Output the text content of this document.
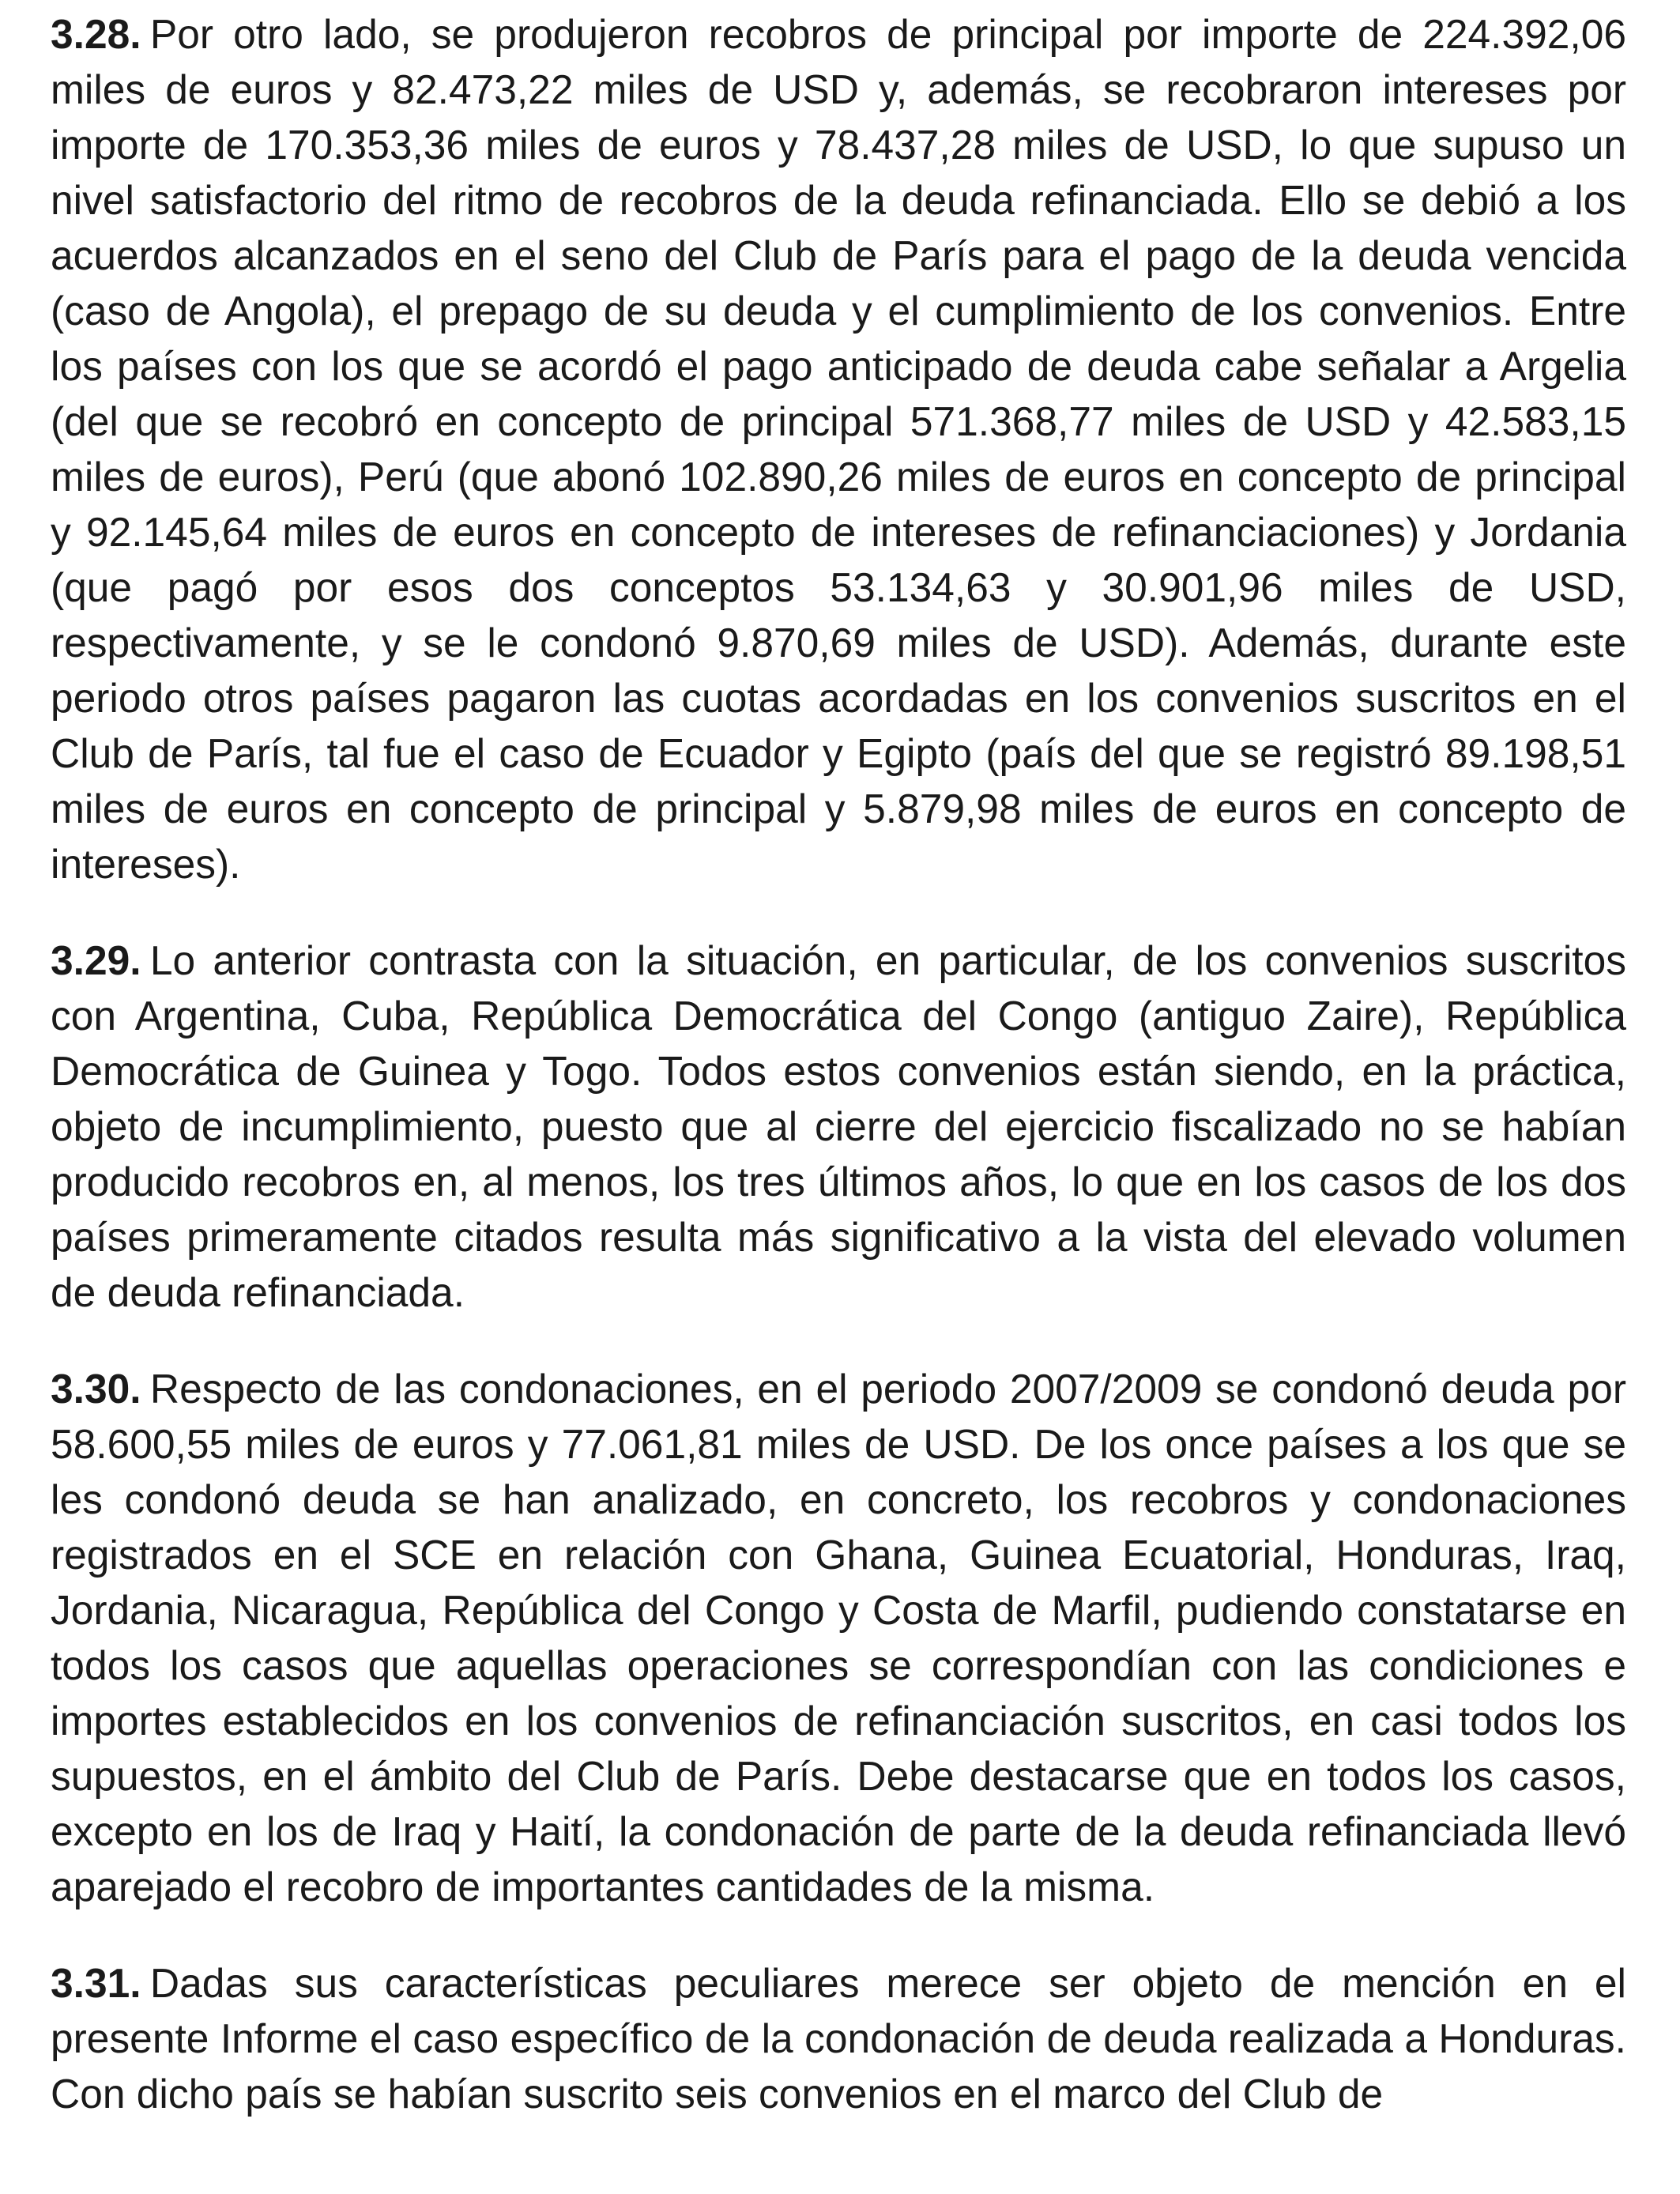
3.28. Por otro lado, se produjeron recobros de principal por importe de 224.392,06 miles de euros y 82.473,22 miles de USD y, además, se recobraron intereses por importe de 170.353,36 miles de euros y 78.437,28 miles de USD, lo que supuso un nivel satisfactorio del ritmo de recobros de la deuda refinanciada. Ello se debió a los acuerdos alcanzados en el seno del Club de París para el pago de la deuda vencida (caso de Angola), el prepago de su deuda y el cumplimiento de los convenios. Entre los países con los que se acordó el pago anticipado de deuda cabe señalar a Argelia (del que se recobró en concepto de principal 571.368,77 miles de USD y 42.583,15 miles de euros), Perú (que abonó 102.890,26 miles de euros en concepto de principal y 92.145,64 miles de euros en concepto de intereses de refinanciaciones) y Jordania (que pagó por esos dos conceptos 53.134,63 y 30.901,96 miles de USD, respectivamente, y se le condonó 9.870,69 miles de USD). Además, durante este periodo otros países pagaron las cuotas acordadas en los convenios suscritos en el Club de París, tal fue el caso de Ecuador y Egipto (país del que se registró 89.198,51 miles de euros en concepto de principal y 5.879,98 miles de euros en concepto de intereses).

3.29. Lo anterior contrasta con la situación, en particular, de los convenios suscritos con Argentina, Cuba, República Democrática del Congo (antiguo Zaire), República Democrática de Guinea y Togo. Todos estos convenios están siendo, en la práctica, objeto de incumplimiento, puesto que al cierre del ejercicio fiscalizado no se habían producido recobros en, al menos, los tres últimos años, lo que en los casos de los dos países primeramente citados resulta más significativo a la vista del elevado volumen de deuda refinanciada.

3.30. Respecto de las condonaciones, en el periodo 2007/2009 se condonó deuda por 58.600,55 miles de euros y 77.061,81 miles de USD. De los once países a los que se les condonó deuda se han analizado, en concreto, los recobros y condonaciones registrados en el SCE en relación con Ghana, Guinea Ecuatorial, Honduras, Iraq, Jordania, Nicaragua, República del Congo y Costa de Marfil, pudiendo constatarse en todos los casos que aquellas operaciones se correspondían con las condiciones e importes establecidos en los convenios de refinanciación suscritos, en casi todos los supuestos, en el ámbito del Club de París. Debe destacarse que en todos los casos, excepto en los de Iraq y Haití, la condonación de parte de la deuda refinanciada llevó aparejado el recobro de importantes cantidades de la misma.

3.31. Dadas sus características peculiares merece ser objeto de mención en el presente Informe el caso específico de la condonación de deuda realizada a Honduras. Con dicho país se habían suscrito seis convenios en el marco del Club de
